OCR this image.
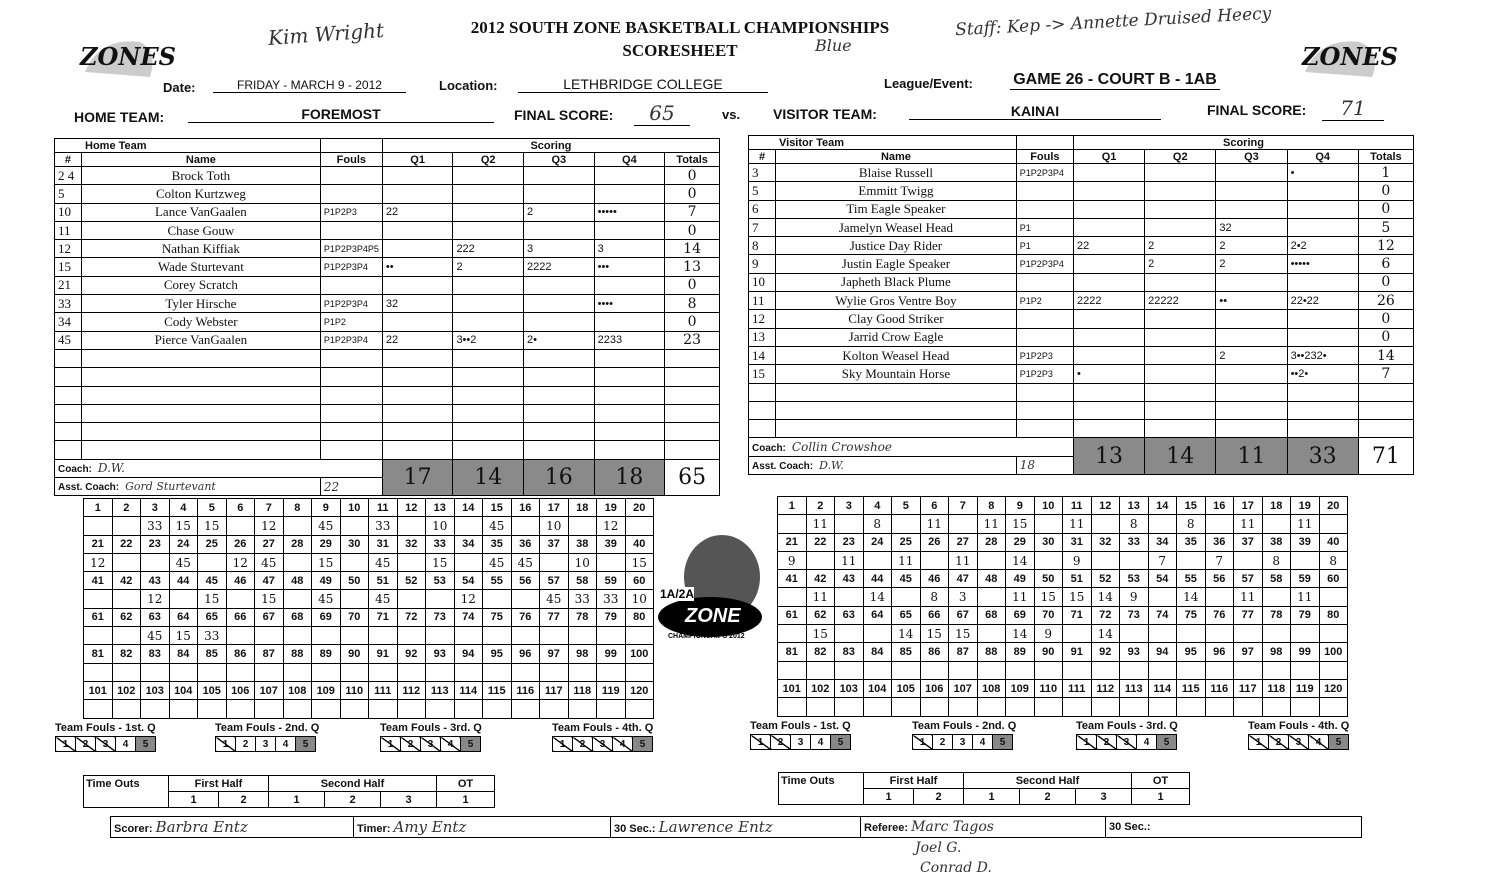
ZONES	ZONES
2012 SOUTH ZONE BASKETBALL CHAMPIONSHIPS
SCORESHEET
Kim Wright	Blue
Staff: Kep -> Annette Druised Heecy
Date:	FRIDAY - MARCH 9 - 2012	Location:	LETHBRIDGE COLLEGE	League/Event:	GAME 26 - COURT B - 1AB
HOME TEAM:	FOREMOST	FINAL SCORE:	65	vs. VISITOR TEAM:	KAINAI	FINAL SCORE:	71
Home Team			Scoring				
#	Name	Fouls	Q1	Q2	Q3	Q4	Totals
2 4	Brock Toth						0
5	Colton Kurtzweg						0
10	Lance VanGaalen	P1P2P3	22		2	•••••	7
11	Chase Gouw						0
12	Nathan Kiffiak	P1P2P3P4P5		222	3	3	14
15	Wade Sturtevant	P1P2P3P4	••	2	2222	•••	13
21	Corey Scratch						0
33	Tyler Hirsche	P1P2P3P4	32			••••	8
34	Cody Webster	P1P2					0
45	Pierce VanGaalen	P1P2P3P4	22	3••2	2•	2233	23

Coach: D.W.			17	14	16	18	65
Asst. Coach: Gord Sturtevant		22					
Visitor Team			Scoring				
#	Name	Fouls	Q1	Q2	Q3	Q4	Totals
3	Blaise Russell	P1P2P3P4				•	1
5	Emmitt Twigg						0
6	Tim Eagle Speaker						0
7	Jamelyn Weasel Head	P1			32		5
8	Justice Day Rider	P1	22	2	2	2•2	12
9	Justin Eagle Speaker	P1P2P3P4		2	2	•••••	6
10	Japheth Black Plume						0
11	Wylie Gros Ventre Boy	P1P2	2222	22222	••	22•22	26
12	Clay Good Striker						0
13	Jarrid Crow Eagle						0
14	Kolton Weasel Head	P1P2P3			2	3••232•	14
15	Sky Mountain Horse	P1P2P3	•			••2•	7

Coach: Collin Crowshoe			13	14	11	33	71
Asst. Coach: D.W.		18					
1	2	3	4	5	6	7	8	9	10	11	12	13	14	15	16	17	18	19	20
		33	15	15		12		45		33		10		45		10		12	
21	22	23	24	25	26	27	28	29	30	31	32	33	34	35	36	37	38	39	40
12			45		12	45		15		45		15		45	45		10		15
41	42	43	44	45	46	47	48	49	50	51	52	53	54	55	56	57	58	59	60
		12		15		15		45		45			12			45	33	33	10
61	62	63	64	65	66	67	68	69	70	71	72	73	74	75	76	77	78	79	80
		45	15	33															
81	82	83	84	85	86	87	88	89	90	91	92	93	94	95	96	97	98	99	100

101	102	103	104	105	106	107	108	109	110	111	112	113	114	115	116	117	118	119	120

1	2	3	4	5	6	7	8	9	10	11	12	13	14	15	16	17	18	19	20
	11		8		11		11	15		11		8		8		11		11	
21	22	23	24	25	26	27	28	29	30	31	32	33	34	35	36	37	38	39	40
9		11		11		11		14		9			7		7		8		8
41	42	43	44	45	46	47	48	49	50	51	52	53	54	55	56	57	58	59	60
	11		14		8	3		11	15	15	14	9		14		11		11	
61	62	63	64	65	66	67	68	69	70	71	72	73	74	75	76	77	78	79	80
	15			14	15	15		14	9		14								
81	82	83	84	85	86	87	88	89	90	91	92	93	94	95	96	97	98	99	100

101	102	103	104	105	106	107	108	109	110	111	112	113	114	115	116	117	118	119	120

1A/2A
ZONE
CHAMPIONSHIPS 2012
Team Fouls - 1st. Q
1	2	3	4	5
Team Fouls - 2nd. Q
1	2	3	4	5
Team Fouls - 3rd. Q
1	2	3	4	5
Team Fouls - 4th. Q
1	2	3	4	5
Team Fouls - 1st. Q
1	2	3	4	5
Team Fouls - 2nd. Q
1	2	3	4	5
Team Fouls - 3rd. Q
1	2	3	4	5
Team Fouls - 4th. Q
1	2	3	4	5
Time Outs	First Half		Second Half			OT
	1	2	1	2	3	1
Time Outs	First Half		Second Half			OT
	1	2	1	2	3	1
Scorer: Barbra Entz	Timer: Amy Entz	30 Sec.: Lawrence Entz	Referee: Marc Tagos	30 Sec.:
Joel G.
Conrad D.
